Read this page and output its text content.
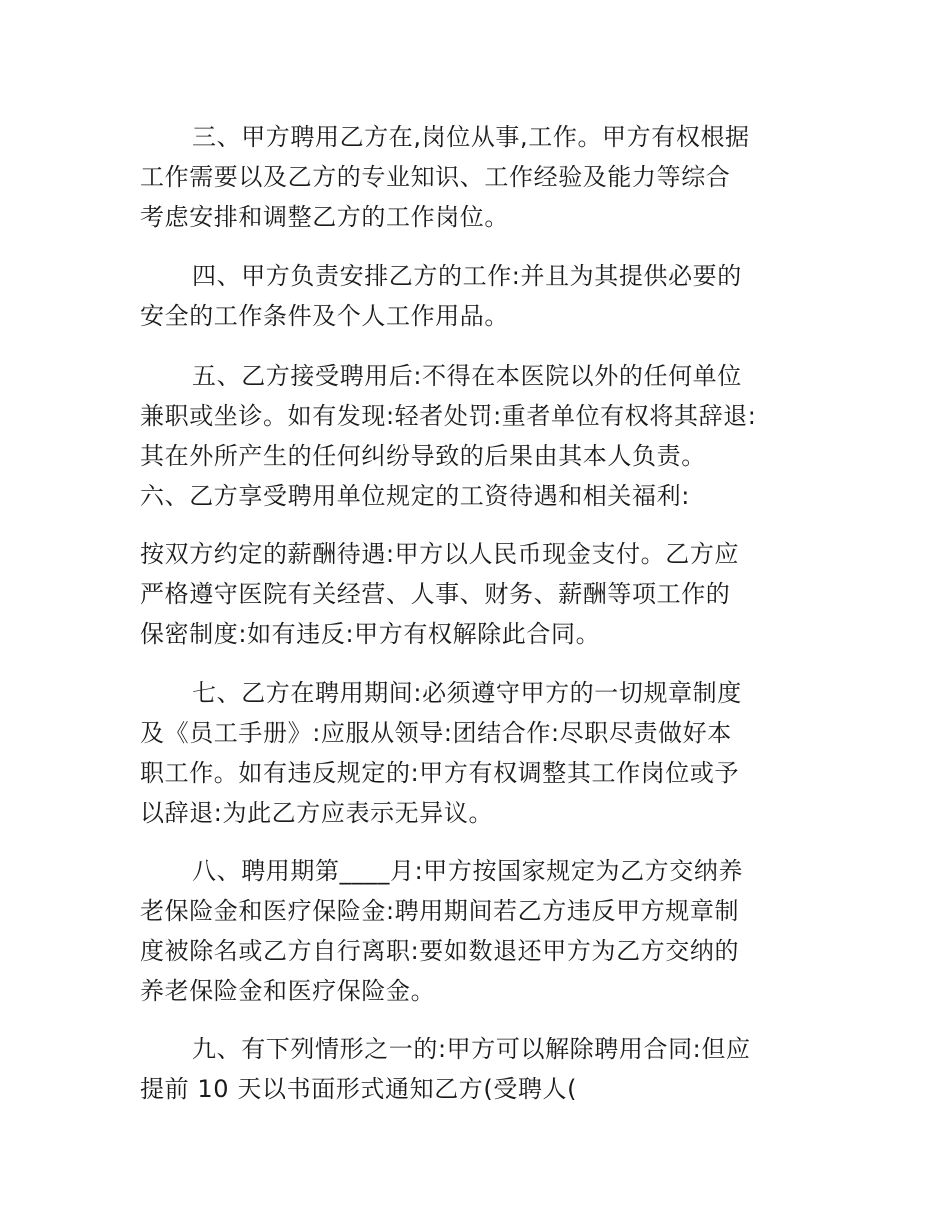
三、甲方聘用乙方在,岗位从事,工作。甲方有权根据
工作需要以及乙方的专业知识、工作经验及能力等综合
考虑安排和调整乙方的工作岗位。
四、甲方负责安排乙方的工作:并且为其提供必要的
安全的工作条件及个人工作用品。
五、乙方接受聘用后:不得在本医院以外的任何单位
兼职或坐诊。如有发现:轻者处罚:重者单位有权将其辞退:
其在外所产生的任何纠纷导致的后果由其本人负责。
六、乙方享受聘用单位规定的工资待遇和相关福利:
按双方约定的薪酬待遇:甲方以人民币现金支付。乙方应
严格遵守医院有关经营、人事、财务、薪酬等项工作的
保密制度:如有违反:甲方有权解除此合同。
七、乙方在聘用期间:必须遵守甲方的一切规章制度
及《员工手册》:应服从领导:团结合作:尽职尽责做好本
职工作。如有违反规定的:甲方有权调整其工作岗位或予
以辞退:为此乙方应表示无异议。
八、聘用期第____月:甲方按国家规定为乙方交纳养
老保险金和医疗保险金:聘用期间若乙方违反甲方规章制
度被除名或乙方自行离职:要如数退还甲方为乙方交纳的
养老保险金和医疗保险金。
九、有下列情形之一的:甲方可以解除聘用合同:但应
提前 10 天以书面形式通知乙方(受聘人(
